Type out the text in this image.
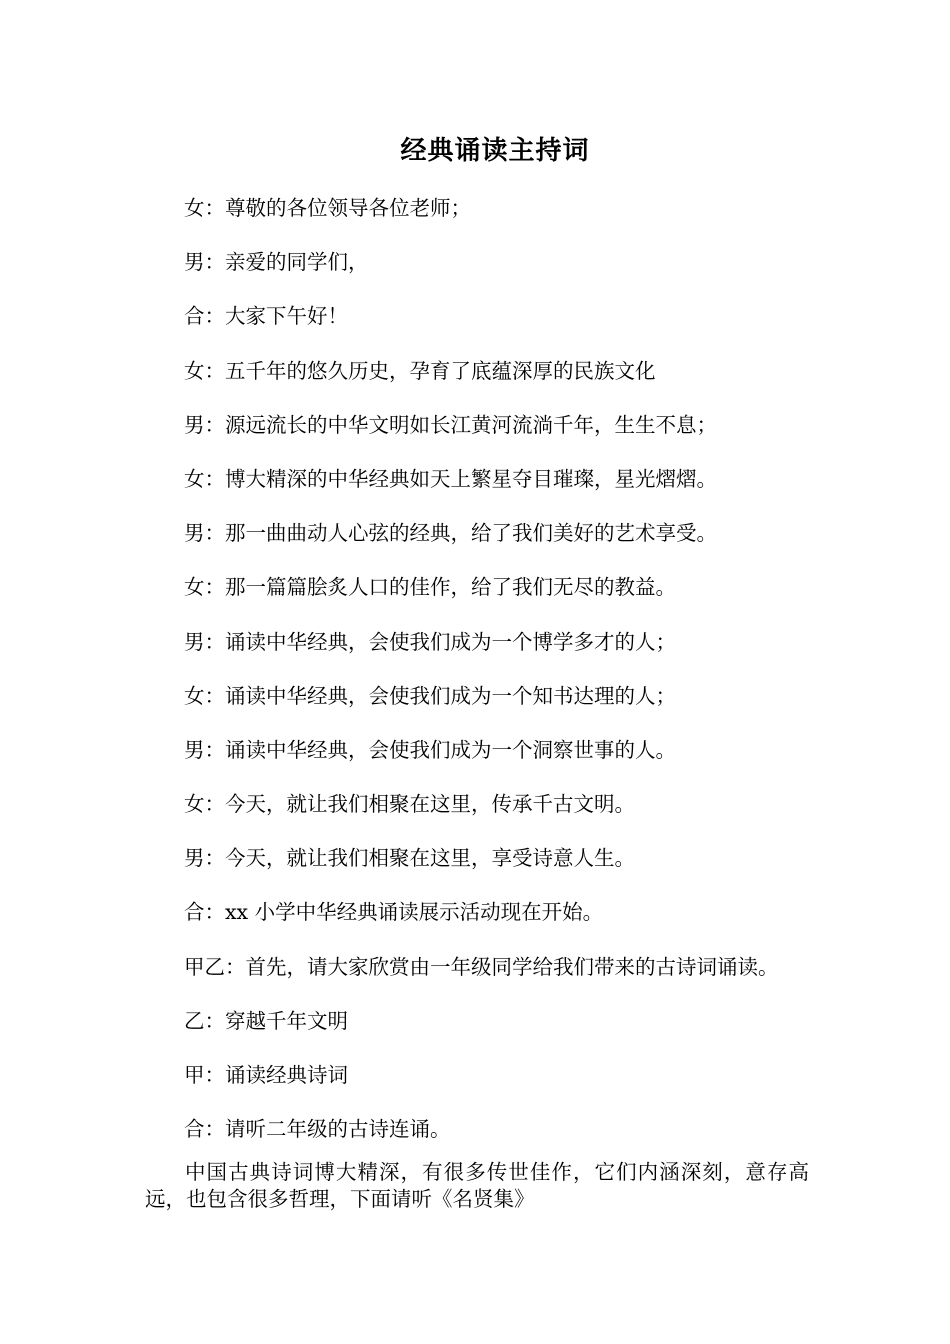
经典诵读主持词
女：尊敬的各位领导各位老师；
男：亲爱的同学们，
合：大家下午好！
女：五千年的悠久历史，孕育了底蕴深厚的民族文化
男：源远流长的中华文明如长江黄河流淌千年，生生不息；
女：博大精深的中华经典如天上繁星夺目璀璨，星光熠熠。
男：那一曲曲动人心弦的经典，给了我们美好的艺术享受。
女：那一篇篇脍炙人口的佳作，给了我们无尽的教益。
男：诵读中华经典，会使我们成为一个博学多才的人；
女：诵读中华经典，会使我们成为一个知书达理的人；
男：诵读中华经典，会使我们成为一个洞察世事的人。
女：今天，就让我们相聚在这里，传承千古文明。
男：今天，就让我们相聚在这里，享受诗意人生。
合：xx 小学中华经典诵读展示活动现在开始。
甲乙：首先，请大家欣赏由一年级同学给我们带来的古诗词诵读。
乙：穿越千年文明
甲：诵读经典诗词
合：请听二年级的古诗连诵。
中国古典诗词博大精深，有很多传世佳作，它们内涵深刻，意存高远，也包含很多哲理，下面请听《名贤集》
